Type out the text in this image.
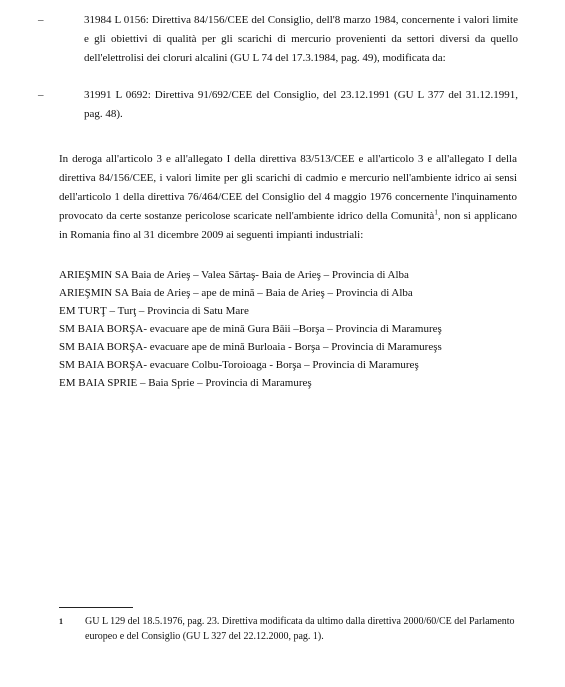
–	31984 L 0156: Direttiva 84/156/CEE del Consiglio, dell'8 marzo 1984, concernente i valori limite e gli obiettivi di qualità per gli scarichi di mercurio provenienti da settori diversi da quello dell'elettrolisi dei cloruri alcalini (GU L 74 del 17.3.1984, pag. 49), modificata da:
–	31991 L 0692: Direttiva 91/692/CEE del Consiglio, del 23.12.1991 (GU L 377 del 31.12.1991, pag. 48).

In deroga all'articolo 3 e all'allegato I della direttiva 83/513/CEE e all'articolo 3 e all'allegato I della direttiva 84/156/CEE, i valori limite per gli scarichi di cadmio e mercurio nell'ambiente idrico ai sensi dell'articolo 1 della direttiva 76/464/CEE del Consiglio del 4 maggio 1976 concernente l'inquinamento provocato da certe sostanze pericolose scaricate nell'ambiente idrico della Comunità$^1$, non si applicano in Romania fino al 31 dicembre 2009 ai seguenti impianti industriali:

ARIEŞMIN SA Baia de Arieş – Valea Sărtaş- Baia de Arieş – Provincia di Alba
ARIEŞMIN SA Baia de Arieş – ape de mină – Baia de Arieş – Provincia di Alba
EM TURŢ – Turţ – Provincia di Satu Mare
SM BAIA BORŞA- evacuare ape de mină Gura Băii –Borşa – Provincia di Maramureş
SM BAIA BORŞA- evacuare ape de mină Burloaia - Borşa – Provincia di Maramureşs
SM BAIA BORŞA- evacuare Colbu-Toroioaga - Borşa – Provincia di Maramureş
EM BAIA SPRIE – Baia Sprie – Provincia di Maramureş
1 GU L 129 del 18.5.1976, pag. 23. Direttiva modificata da ultimo dalla direttiva 2000/60/CE del Parlamento europeo e del Consiglio (GU L 327 del 22.12.2000, pag. 1).
